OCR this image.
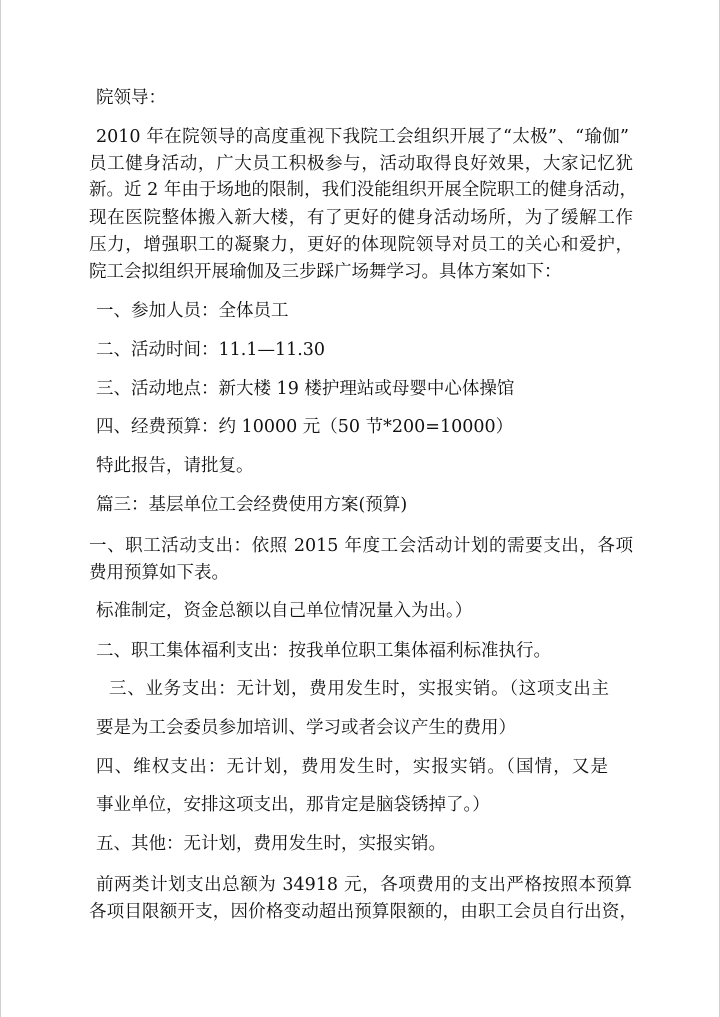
院领导：
2010 年在院领导的高度重视下我院工会组织开展了“太极”、“瑜伽”
员工健身活动，广大员工积极参与，活动取得良好效果，大家记忆犹
新。近 2 年由于场地的限制，我们没能组织开展全院职工的健身活动，
现在医院整体搬入新大楼，有了更好的健身活动场所，为了缓解工作
压力，增强职工的凝聚力，更好的体现院领导对员工的关心和爱护，
院工会拟组织开展瑜伽及三步踩广场舞学习。具体方案如下：
一、参加人员：全体员工
二、活动时间：11.1—11.30
三、活动地点：新大楼 19 楼护理站或母婴中心体操馆
四、经费预算：约 10000 元（50 节*200=10000）
特此报告，请批复。
篇三：基层单位工会经费使用方案(预算)
一、职工活动支出：依照 2015 年度工会活动计划的需要支出，各项
费用预算如下表。
标准制定，资金总额以自己单位情况量入为出。）
二、职工集体福利支出：按我单位职工集体福利标准执行。
三、业务支出：无计划，费用发生时，实报实销。（这项支出主
要是为工会委员参加培训、学习或者会议产生的费用）
四、维权支出：无计划，费用发生时，实报实销。（国情，又是
事业单位，安排这项支出，那肯定是脑袋锈掉了。）
五、其他：无计划，费用发生时，实报实销。
前两类计划支出总额为 34918 元，各项费用的支出严格按照本预算
各项目限额开支，因价格变动超出预算限额的，由职工会员自行出资，
